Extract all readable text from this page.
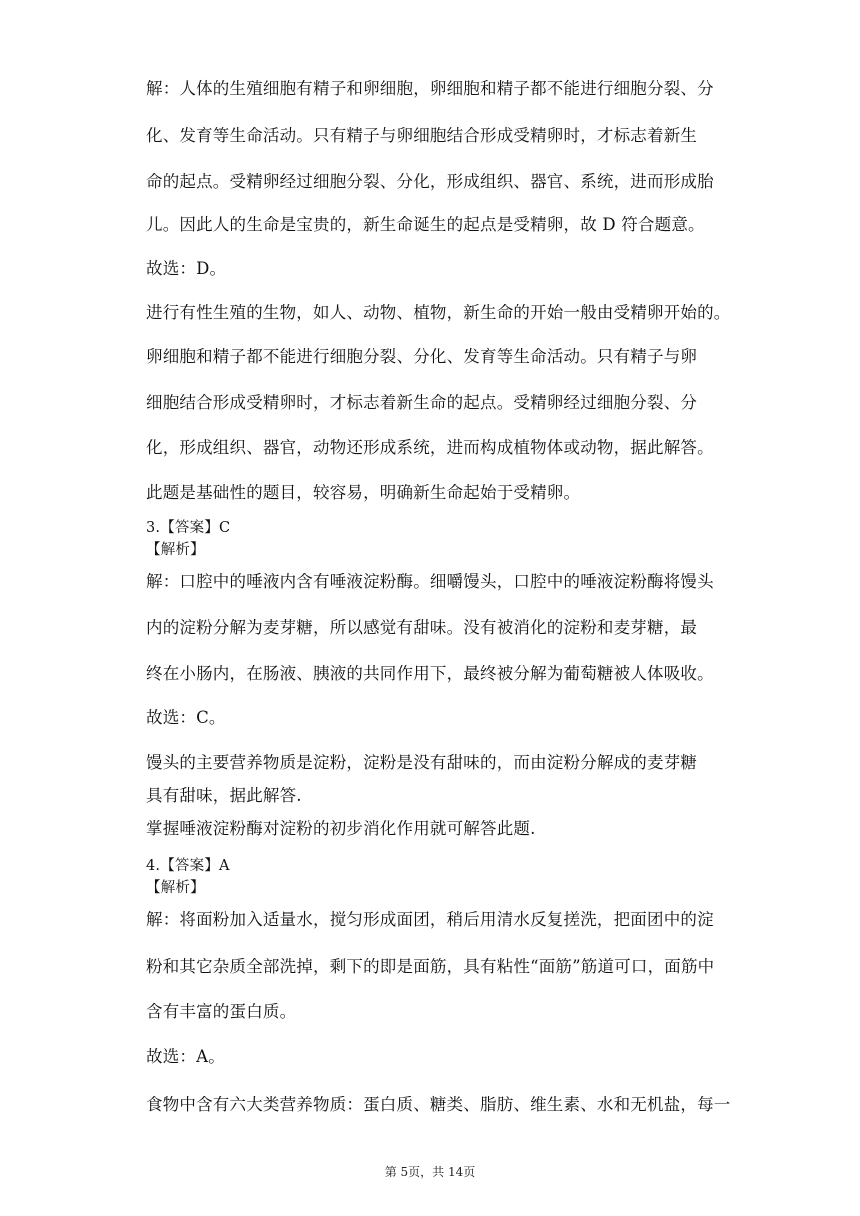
解：人体的生殖细胞有精子和卵细胞，卵细胞和精子都不能进行细胞分裂、分
化、发育等生命活动。只有精子与卵细胞结合形成受精卵时，才标志着新生
命的起点。受精卵经过细胞分裂、分化，形成组织、器官、系统，进而形成胎
儿。因此人的生命是宝贵的，新生命诞生的起点是受精卵，故 D 符合题意。
故选：D。
进行有性生殖的生物，如人、动物、植物，新生命的开始一般由受精卵开始的。
卵细胞和精子都不能进行细胞分裂、分化、发育等生命活动。只有精子与卵
细胞结合形成受精卵时，才标志着新生命的起点。受精卵经过细胞分裂、分
化，形成组织、器官，动物还形成系统，进而构成植物体或动物，据此解答。
此题是基础性的题目，较容易，明确新生命起始于受精卵。
3.【答案】C
【解析】
解：口腔中的唾液内含有唾液淀粉酶。细嚼馒头，口腔中的唾液淀粉酶将馒头
内的淀粉分解为麦芽糖，所以感觉有甜味。没有被消化的淀粉和麦芽糖，最
终在小肠内，在肠液、胰液的共同作用下，最终被分解为葡萄糖被人体吸收。
故选：C。
馒头的主要营养物质是淀粉，淀粉是没有甜味的，而由淀粉分解成的麦芽糖
具有甜味，据此解答.
掌握唾液淀粉酶对淀粉的初步消化作用就可解答此题.
4.【答案】A
【解析】
解：将面粉加入适量水，搅匀形成面团，稍后用清水反复搓洗，把面团中的淀
粉和其它杂质全部洗掉，剩下的即是面筋，具有粘性“面筋”筋道可口，面筋中
含有丰富的蛋白质。
故选：A。
食物中含有六大类营养物质：蛋白质、糖类、脂肪、维生素、水和无机盐，每一
第 5页，共 14页
